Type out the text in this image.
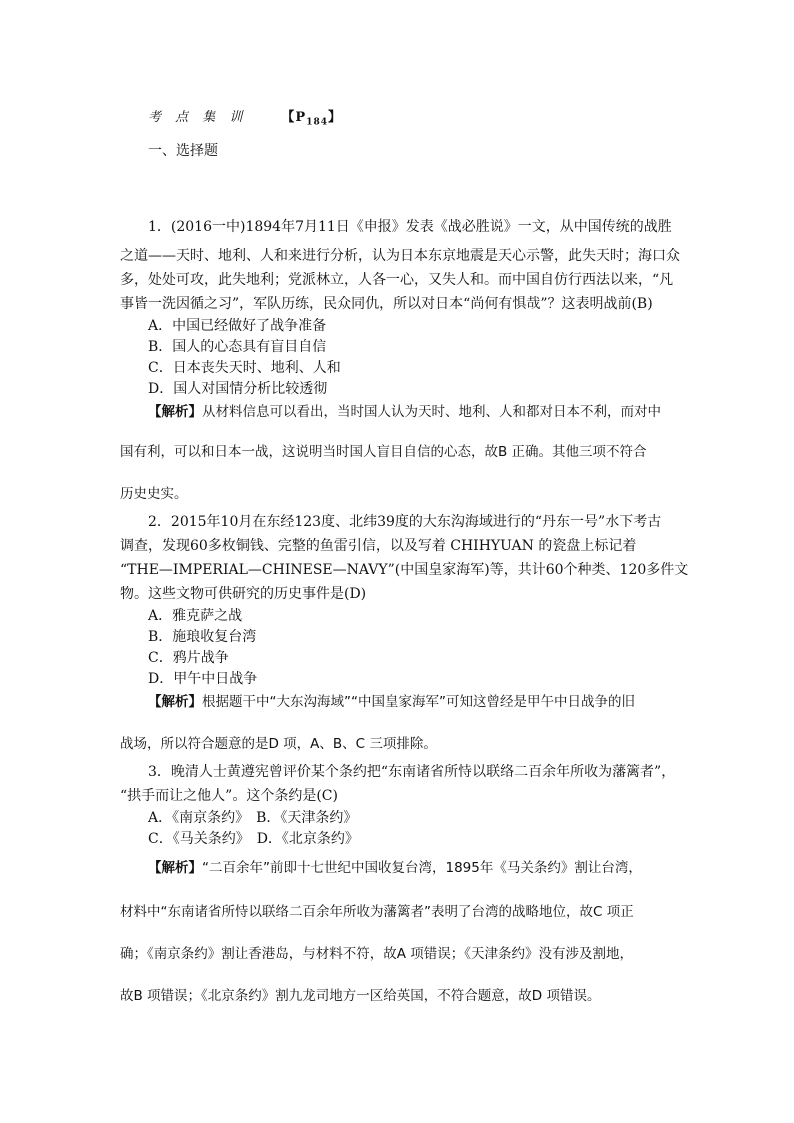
考 点 集 训	【$P_{184}$】
一、选择题
1．(2016一中)1894年7月11日《申报》发表《战必胜说》一文，从中国传统的战胜
之道——天时、地利、人和来进行分析，认为日本东京地震是天心示警，此失天时；海口众
多，处处可攻，此失地利；党派林立，人各一心，又失人和。而中国自仿行西法以来，“凡
事皆一洗因循之习”，军队历练，民众同仇，所以对日本“尚何有惧哉”？这表明战前(B)
A．中国已经做好了战争准备
B．国人的心态具有盲目自信
C．日本丧失天时、地利、人和
D．国人对国情分析比较透彻
【解析】从材料信息可以看出，当时国人认为天时、地利、人和都对日本不利，而对中
国有利，可以和日本一战，这说明当时国人盲目自信的心态，故B 正确。其他三项不符合
历史史实。
2．2015年10月在东经123度、北纬39度的大东沟海域进行的“丹东一号”水下考古
调查，发现60多枚铜钱、完整的鱼雷引信，以及写着 CHIHYUAN 的瓷盘上标记着
“THE—IMPERIAL—CHINESE—NAVY”(中国皇家海军)等，共计60个种类、120多件文
物。这些文物可供研究的历史事件是(D)
A．雅克萨之战
B．施琅收复台湾
C．鸦片战争
D．甲午中日战争
【解析】根据题干中“大东沟海域”“中国皇家海军”可知这曾经是甲午中日战争的旧
战场，所以符合题意的是D 项，A、B、C 三项排除。
3．晚清人士黄遵宪曾评价某个条约把“东南诸省所恃以联络二百余年所收为藩篱者”，
“拱手而让之他人”。这个条约是(C)
A．《南京条约》　B．《天津条约》
C．《马关条约》　D．《北京条约》
【解析】“二百余年”前即十七世纪中国收复台湾，1895年《马关条约》割让台湾，
材料中“东南诸省所恃以联络二百余年所收为藩篱者”表明了台湾的战略地位，故C 项正
确；《南京条约》割让香港岛，与材料不符，故A 项错误；《天津条约》没有涉及割地，
故B 项错误；《北京条约》割九龙司地方一区给英国，不符合题意，故D 项错误。
